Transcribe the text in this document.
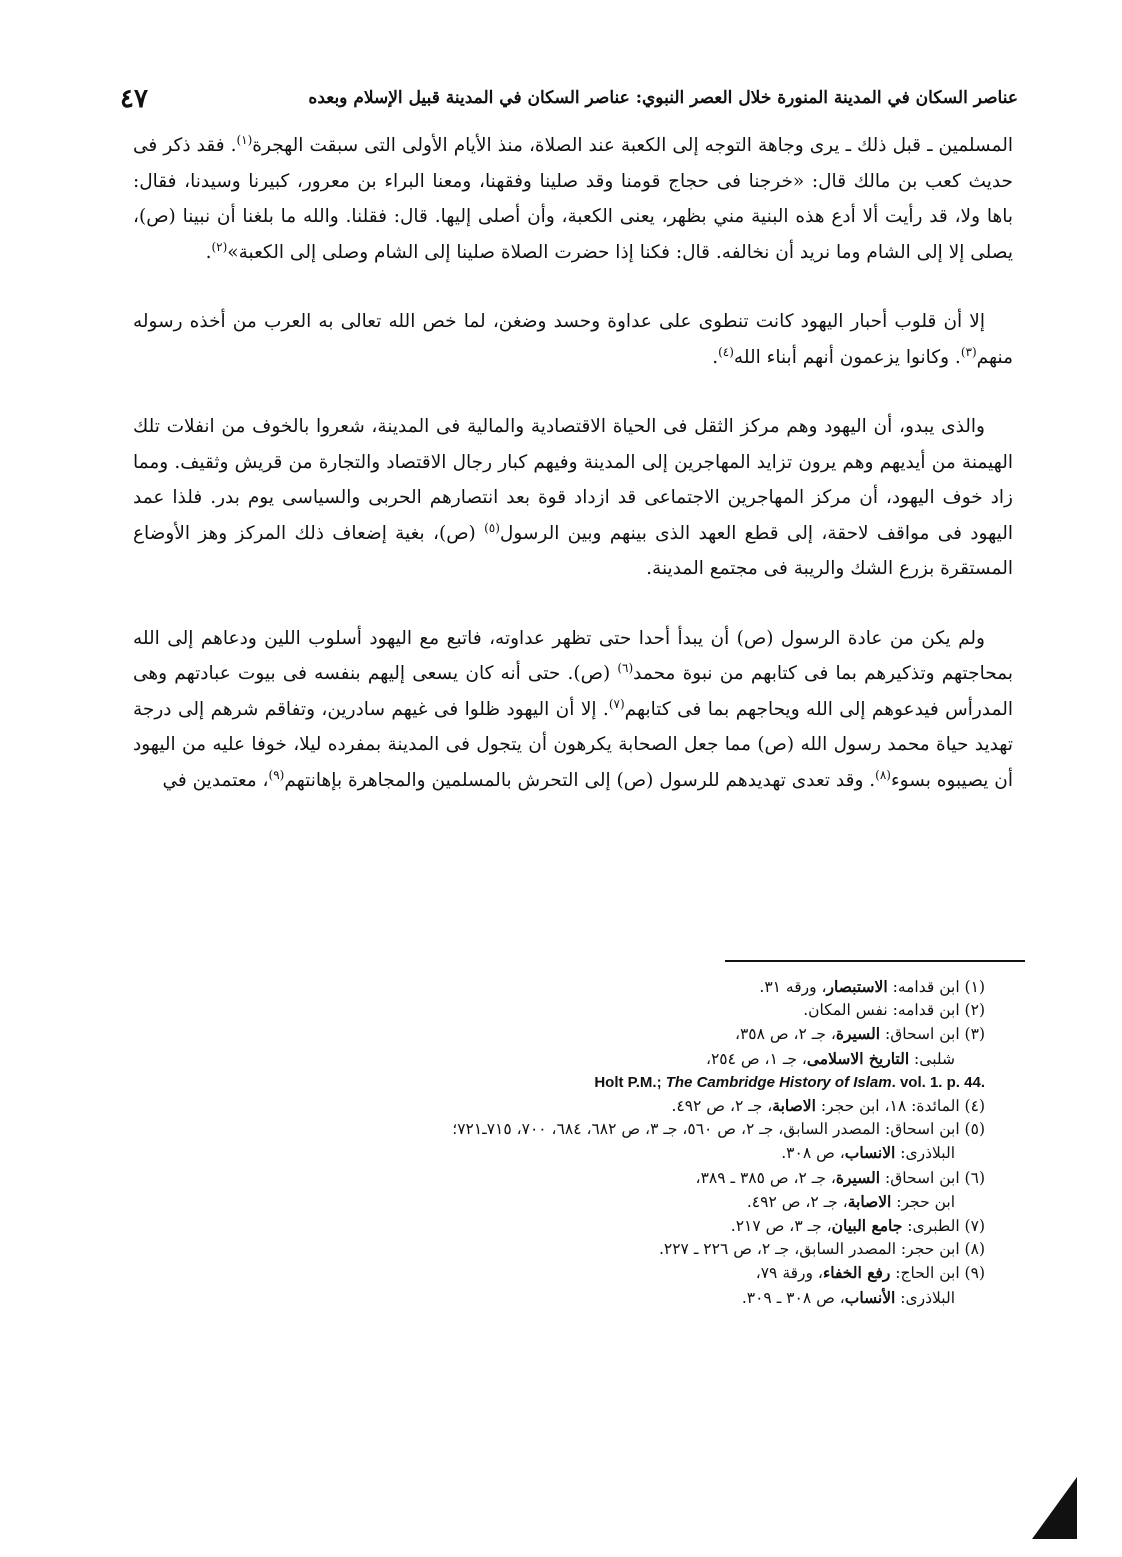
عناصر السكان في المدينة المنورة خلال العصر النبوي: عناصر السكان في المدينة قبيل الإسلام وبعده
٤٧

المسلمين ـ قبل ذلك ـ يرى وجاهة التوجه إلى الكعبة عند الصلاة، منذ الأيام الأولى التى سبقت الهجرة$^{(١)}$. فقد ذكر فى حديث كعب بن مالك قال: «خرجنا فى حجاج قومنا وقد صلينا وفقهنا، ومعنا البراء بن معرور، كبيرنا وسيدنا، فقال: باها ولا، قد رأيت ألا أدع هذه البنية مني بظهر، يعنى الكعبة، وأن أصلى إليها. قال: فقلنا. والله ما بلغنا أن نبينا (ص)، يصلى إلا إلى الشام وما نريد أن نخالفه. قال: فكنا إذا حضرت الصلاة صلينا إلى الشام وصلى إلى الكعبة»$^{(٢)}$.

إلا أن قلوب أحبار اليهود كانت تنطوى على عداوة وحسد وضغن، لما خص الله تعالى به العرب من أخذه رسوله منهم$^{(٣)}$. وكانوا يزعمون أنهم أبناء الله$^{(٤)}$.

والذى يبدو، أن اليهود وهم مركز الثقل فى الحياة الاقتصادية والمالية فى المدينة، شعروا بالخوف من انفلات تلك الهيمنة من أيديهم وهم يرون تزايد المهاجرين إلى المدينة وفيهم كبار رجال الاقتصاد والتجارة من قريش وثقيف. ومما زاد خوف اليهود، أن مركز المهاجرين الاجتماعى قد ازداد قوة بعد انتصارهم الحربى والسياسى يوم بدر. فلذا عمد اليهود فى مواقف لاحقة، إلى قطع العهد الذى بينهم وبين الرسول$^{(٥)}$ (ص)، بغية إضعاف ذلك المركز وهز الأوضاع المستقرة بزرع الشك والريبة فى مجتمع المدينة.

ولم يكن من عادة الرسول (ص) أن يبدأ أحدا حتى تظهر عداوته، فاتبع مع اليهود أسلوب اللين ودعاهم إلى الله بمحاجتهم وتذكيرهم بما فى كتابهم من نبوة محمد$^{(٦)}$ (ص). حتى أنه كان يسعى إليهم بنفسه فى بيوت عبادتهم وهى المدرأس فيدعوهم إلى الله ويحاجهم بما فى كتابهم$^{(٧)}$. إلا أن اليهود ظلوا فى غيهم سادرين، وتفاقم شرهم إلى درجة تهديد حياة محمد رسول الله (ص) مما جعل الصحابة يكرهون أن يتجول فى المدينة بمفرده ليلا، خوفا عليه من اليهود أن يصيبوه بسوء$^{(٨)}$. وقد تعدى تهديدهم للرسول (ص) إلى التحرش بالمسلمين والمجاهرة بإهانتهم$^{(٩)}$، معتمدين في

(١) ابن قدامه: الاستبصار، ورقه ٣١.
(٢) ابن قدامه: نفس المكان.
(٣) ابن اسحاق: السيرة، جـ ٢، ص ٣٥٨،
شلبى: التاريخ الاسلامى، جـ ١، ص ٢٥٤،
Holt P.M.; The Cambridge History of Islam. vol. 1. p. 44.
(٤) المائدة: ١٨، ابن حجر: الاصابة، جـ ٢، ص ٤٩٢.
(٥) ابن اسحاق: المصدر السابق، جـ ٢، ص ٥٦٠، جـ ٣، ص ٦٨٢، ٦٨٤، ٧٠٠، ٧١٥ـ٧٢١؛
البلاذرى: الانساب، ص ٣٠٨.
(٦) ابن اسحاق: السيرة، جـ ٢، ص ٣٨٥ ـ ٣٨٩،
ابن حجر: الاصابة، جـ ٢، ص ٤٩٢.
(٧) الطبرى: جامع البيان، جـ ٣، ص ٢١٧.
(٨) ابن حجر: المصدر السابق، جـ ٢، ص ٢٢٦ ـ ٢٢٧.
(٩) ابن الحاج: رفع الخفاء، ورقة ٧٩،
البلاذرى: الأنساب، ص ٣٠٨ ـ ٣٠٩.
